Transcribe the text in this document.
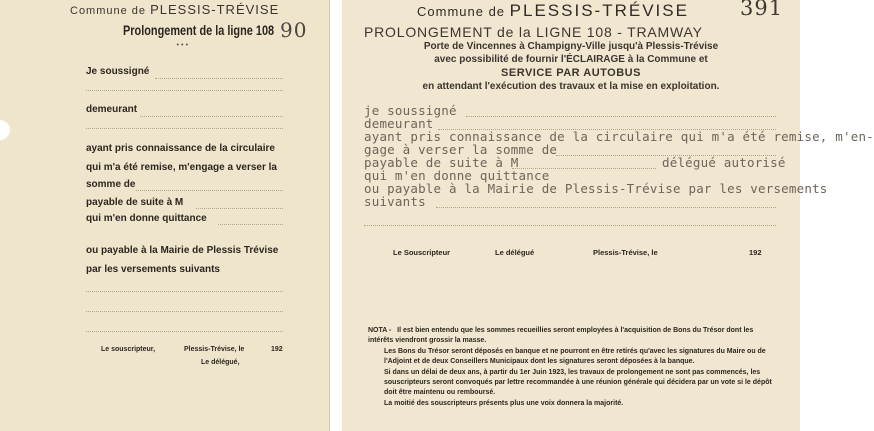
Commune de PLESSIS-TRÉVISE
Prolongement de la ligne 108 90
•••
Je soussigné
demeurant
ayant pris connaissance de la circulaire
qui m'a été remise, m'engage a verser la
somme de
payable de suite à M
qui m'en donne quittance
ou payable à la Mairie de Plessis Trévise
par les versements suivants
Le souscripteur,	Plessis-Trévise, le	192
Le délégué,
Commune de PLESSIS-TRÉVISE 391
PROLONGEMENT de la LIGNE 108 - TRAMWAY
Porte de Vincennes à Champigny-Ville jusqu'à Plessis-Trévise
avec possibilité de fournir l'ÉCLAIRAGE à la Commune et
SERVICE PAR AUTOBUS
en attendant l'exécution des travaux et la mise en exploitation.
je soussigné
demeurant
ayant pris connaissance de la circulaire qui m'a été remise, m'en-
gage à verser la somme de
payable de suite à M	délégué autorisé
qui m'en donne quittance
ou payable à la Mairie de Plessis-Trévise par les versements
suivants
Le Souscripteur	Le délégué	Plessis-Trévise, le	192

NOTA - Il est bien entendu que les sommes recueillies seront employées à l'acquisition de Bons du Trésor dont les intérêts viendront grossir la masse.

Les Bons du Trésor seront déposés en banque et ne pourront en être retirés qu'avec les signatures du Maire ou de l'Adjoint et de deux Conseillers Municipaux dont les signatures seront déposées à la banque.

Si dans un délai de deux ans, à partir du 1er Juin 1923, les travaux de prolongement ne sont pas commencés, les souscripteurs seront convoqués par lettre recommandée à une réunion générale qui décidera par un vote si le dépôt doit être maintenu ou remboursé.

La moitié des souscripteurs présents plus une voix donnera la majorité.
